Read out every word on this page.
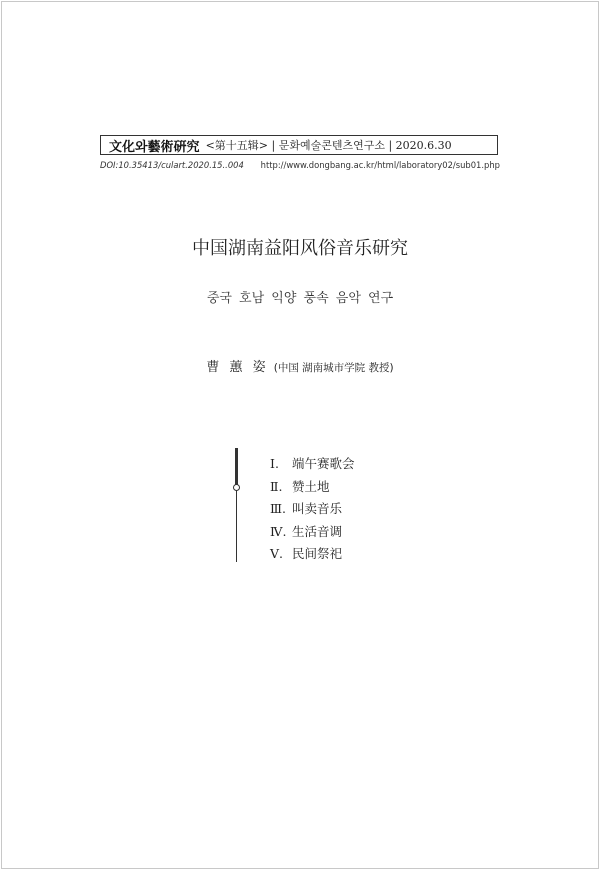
文化와藝術硏究 <第十五辑> | 문화예술콘텐츠연구소 | 2020.6.30
DOI:10.35413/culart.2020.15..004 http://www.dongbang.ac.kr/html/laboratory02/sub01.php
中国湖南益阳风俗音乐研究
중국 호남 익양 풍속 음악 연구
曹 蕙 姿 (中国 湖南城市学院 教授)
Ⅰ. 端午赛歌会
Ⅱ. 赞土地
Ⅲ. 叫卖音乐
Ⅳ. 生活音调
Ⅴ. 民间祭祀
